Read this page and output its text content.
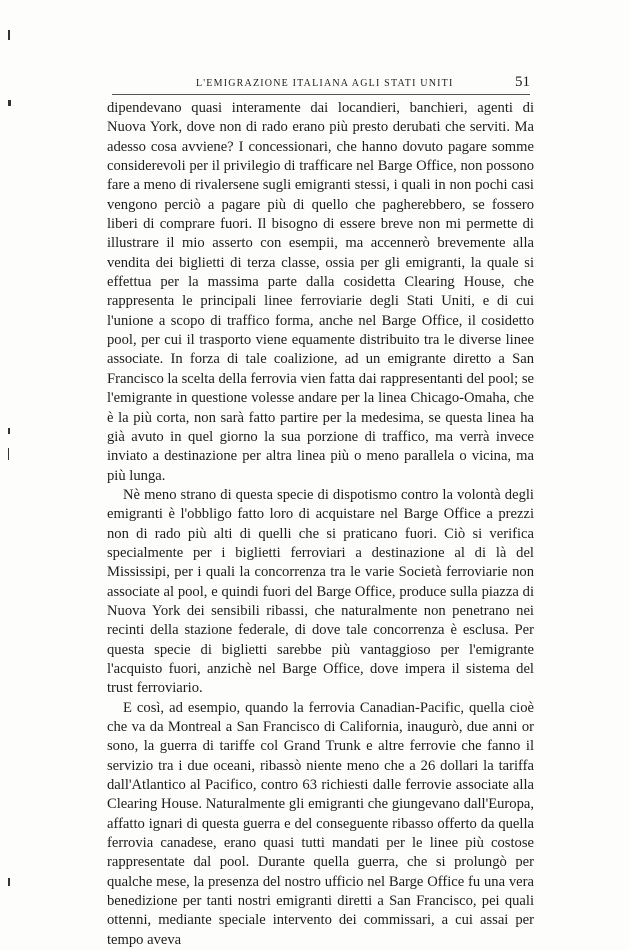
L'EMIGRAZIONE ITALIANA AGLI STATI UNITI	51

dipendevano quasi interamente dai locandieri, banchieri, agenti di Nuova York, dove non di rado erano più presto derubati che serviti. Ma adesso cosa avviene? I concessionari, che hanno dovuto pagare somme considerevoli per il privilegio di trafficare nel Barge Office, non possono fare a meno di rivalersene sugli emigranti stessi, i quali in non pochi casi vengono perciò a pagare più di quello che pagherebbero, se fossero liberi di comprare fuori. Il bisogno di essere breve non mi permette di illustrare il mio asserto con esempii, ma accennerò brevemente alla vendita dei biglietti di terza classe, ossia per gli emigranti, la quale si effettua per la massima parte dalla cosidetta Clearing House, che rappresenta le principali linee ferroviarie degli Stati Uniti, e di cui l'unione a scopo di traffico forma, anche nel Barge Office, il cosidetto pool, per cui il trasporto viene equamente distribuito tra le diverse linee associate. In forza di tale coalizione, ad un emigrante diretto a San Francisco la scelta della ferrovia vien fatta dai rappresentanti del pool; se l'emigrante in questione volesse andare per la linea Chicago-Omaha, che è la più corta, non sarà fatto partire per la medesima, se questa linea ha già avuto in quel giorno la sua porzione di traffico, ma verrà invece inviato a destinazione per altra linea più o meno parallela o vicina, ma più lunga.

Nè meno strano di questa specie di dispotismo contro la volontà degli emigranti è l'obbligo fatto loro di acquistare nel Barge Office a prezzi non di rado più alti di quelli che si praticano fuori. Ciò si verifica specialmente per i biglietti ferroviari a destinazione al di là del Mississipi, per i quali la concorrenza tra le varie Società ferroviarie non associate al pool, e quindi fuori del Barge Office, produce sulla piazza di Nuova York dei sensibili ribassi, che naturalmente non penetrano nei recinti della stazione federale, di dove tale concorrenza è esclusa. Per questa specie di biglietti sarebbe più vantaggioso per l'emigrante l'acquisto fuori, anzichè nel Barge Office, dove impera il sistema del trust ferroviario.

E così, ad esempio, quando la ferrovia Canadian-Pacific, quella cioè che va da Montreal a San Francisco di California, inaugurò, due anni or sono, la guerra di tariffe col Grand Trunk e altre ferrovie che fanno il servizio tra i due oceani, ribassò niente meno che a 26 dollari la tariffa dall'Atlantico al Pacifico, contro 63 richiesti dalle ferrovie associate alla Clearing House. Naturalmente gli emigranti che giungevano dall'Europa, affatto ignari di questa guerra e del conseguente ribasso offerto da quella ferrovia canadese, erano quasi tutti mandati per le linee più costose rappresentate dal pool. Durante quella guerra, che si prolungò per qualche mese, la presenza del nostro ufficio nel Barge Office fu una vera benedizione per tanti nostri emigranti diretti a San Francisco, pei quali ottenni, mediante speciale intervento dei commissari, a cui assai per tempo aveva
